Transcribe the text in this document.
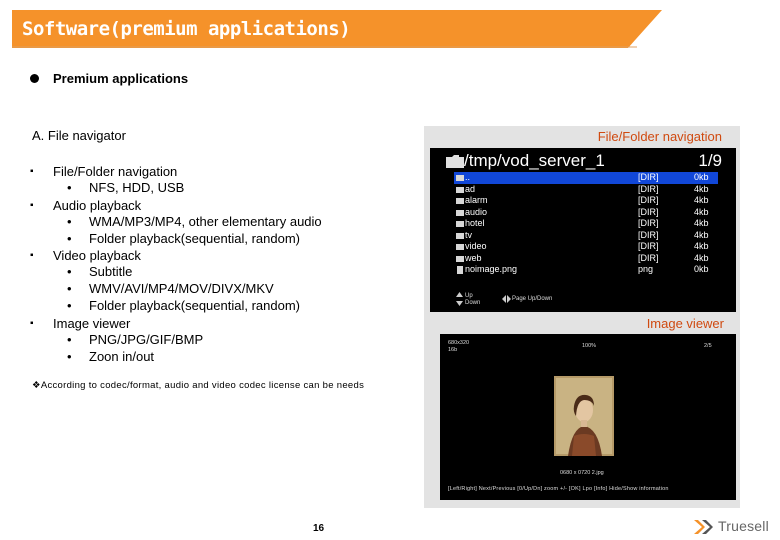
Software(premium applications)
Premium applications
A. File navigator
▪ File/Folder navigation
• NFS, HDD, USB
▪ Audio playback
• WMA/MP3/MP4, other elementary audio
• Folder playback(sequential, random)
▪ Video playback
• Subtitle
• WMV/AVI/MP4/MOV/DIVX/MKV
• Folder playback(sequential, random)
▪ Image viewer
• PNG/JPG/GIF/BMP
• Zoon in/out
❖According to codec/format, audio and video codec license can be needs
File/Folder navigation
/tmp/vod_server_1	1/9
..	[DIR]	0kb
ad	[DIR]	4kb
alarm	[DIR]	4kb
audio	[DIR]	4kb
hotel	[DIR]	4kb
tv	[DIR]	4kb
video	[DIR]	4kb
web	[DIR]	4kb
noimage.png	png	0kb
Up
Down
Page Up/Down
Image viewer
680x320
16b
100%	2/5
0680 x 0720 2.jpg
[Left/Right] Next/Previous [0/Up/Dn] zoom +/- [OK] Lpo [Info] Hide/Show information
16	Truesell
